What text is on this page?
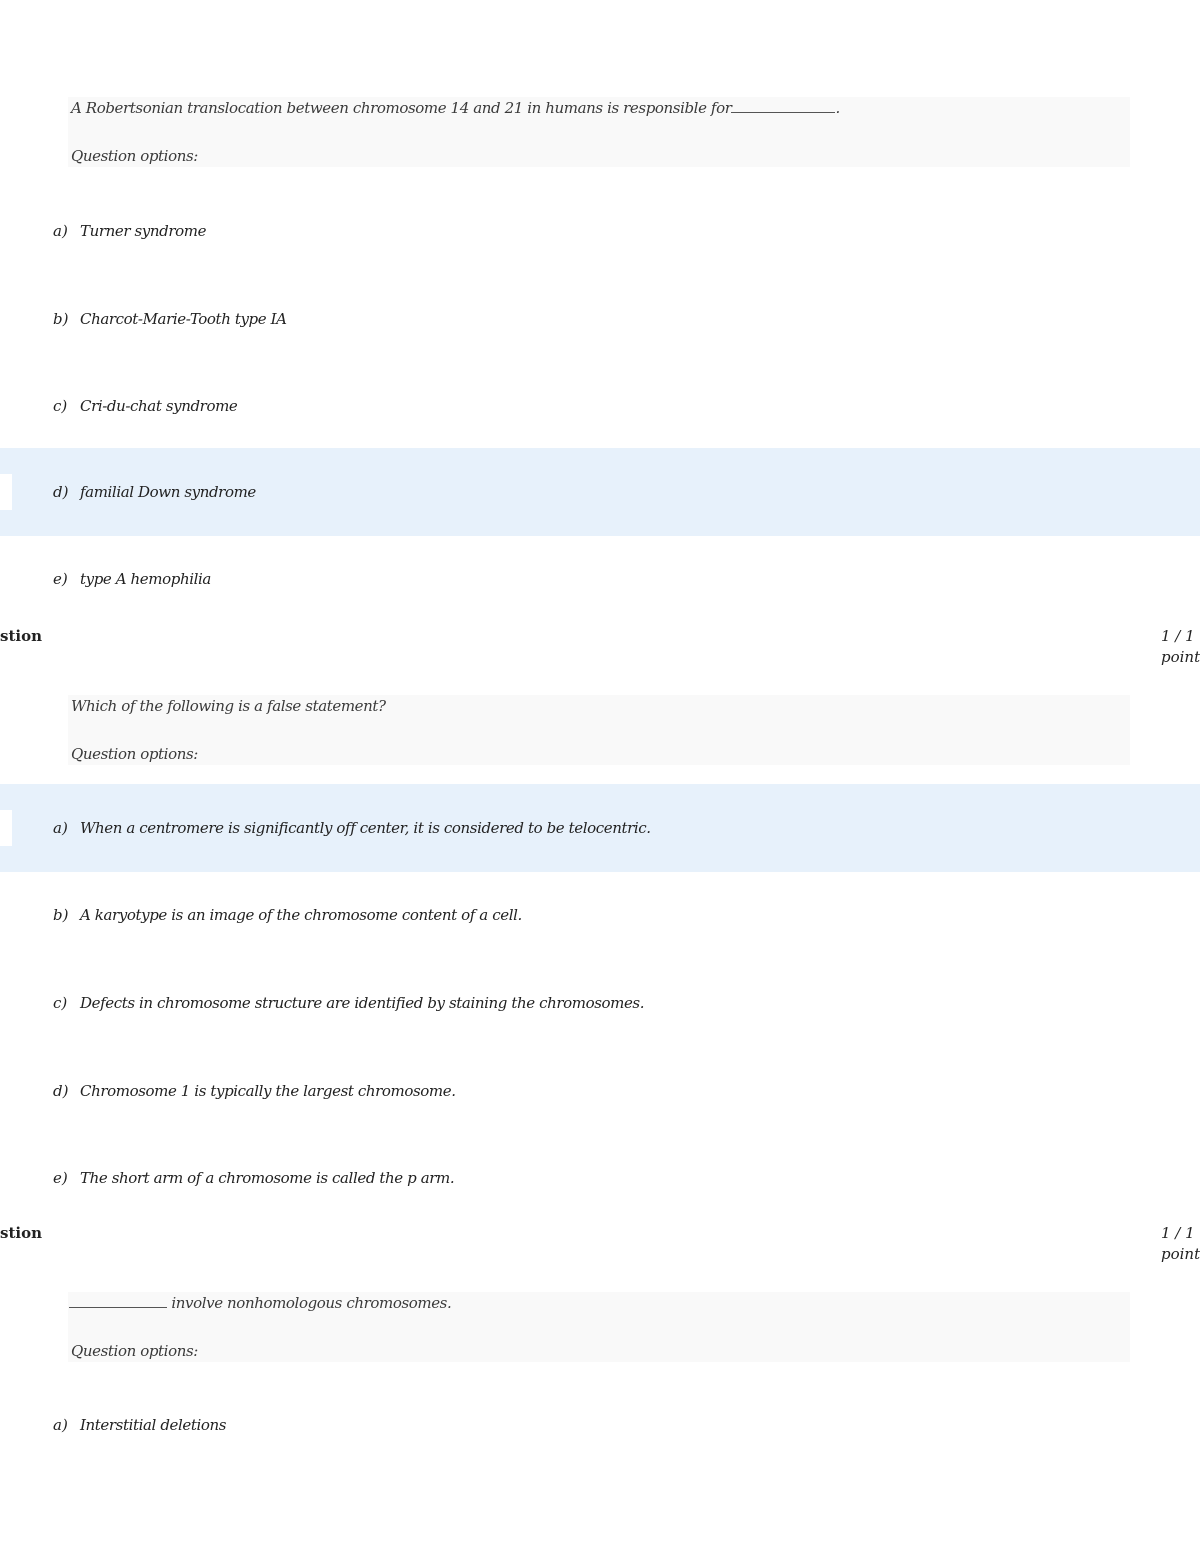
A Robertsonian translocation between chromosome 14 and 21 in humans is responsible for	.
Question options:
a) Turner syndrome
b) Charcot-Marie-Tooth type IA
c) Cri-du-chat syndrome
d) familial Down syndrome
e) type A hemophilia
stion	1 / 1
point
Which of the following is a false statement?
Question options:
a) When a centromere is significantly off center, it is considered to be telocentric.
b) A karyotype is an image of the chromosome content of a cell.
c) Defects in chromosome structure are identified by staining the chromosomes.
d) Chromosome 1 is typically the largest chromosome.
e) The short arm of a chromosome is called the p arm.
stion	1 / 1
point
involve nonhomologous chromosomes.
Question options:
a) Interstitial deletions
